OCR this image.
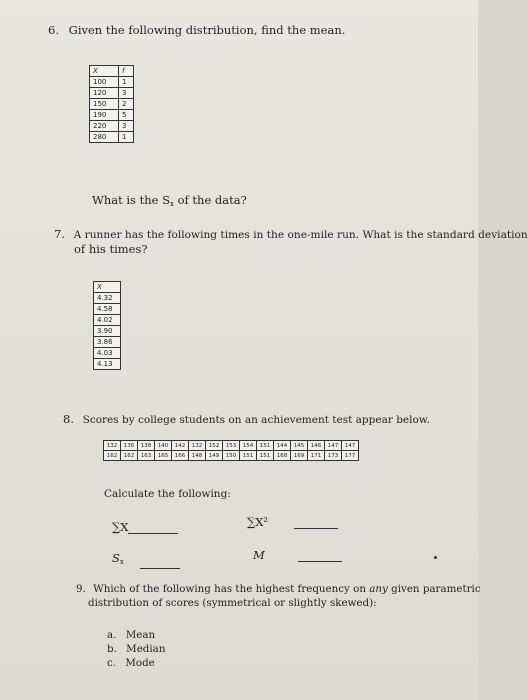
6. Given the following distribution, find the mean.
X	f
100	1
120	3
150	2
190	5
220	3
280	1
What is the $S_x$ of the data?
7. A runner has the following times in the one-mile run. What is the standard deviation
of his times?
X
4.32
4.58
4.02
3.90
3.86
4.03
4.13
8. Scores by college students on an achievement test appear below.
132	136	138	140	142	132	152	153	154	151	144	145	146	147	147
162	162	163	165	166	148	149	150	151	151	168	169	171	173	177
Calculate the following:
∑X	∑X²
$S_x$	M
9. Which of the following has the highest frequency on any given parametric
distribution of scores (symmetrical or slightly skewed):
a. Mean
b. Median
c. Mode
